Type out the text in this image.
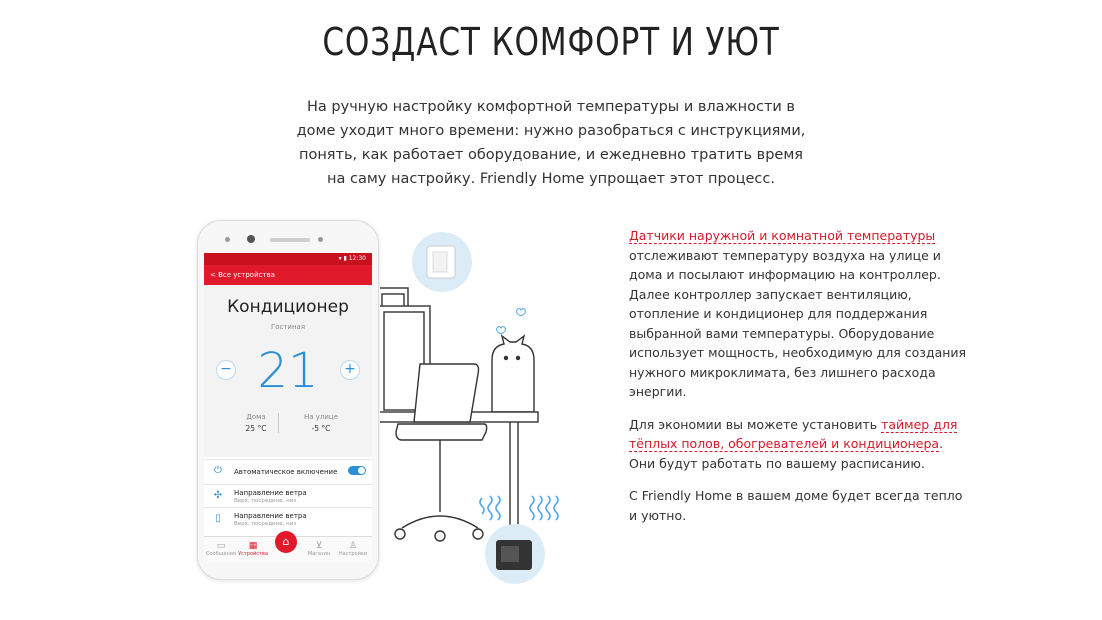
СОЗДАСТ КОМФОРТ И УЮТ

На ручную настройку комфортной температуры и влажности в доме уходит много времени: нужно разобраться с инструкциями, понять, как работает оборудование, и ежедневно тратить время на саму настройку. Friendly Home упрощает этот процесс.

▾ ▮ 12:30
< Все устройства
Кондиционер
Гостиная
− 21	+
Дома
25 °C
На улице
-5 °C
⏻ Автоматическое включение
✣ Направление ветра
Верх, посредине, низ
▯	Направление ветра
Верх, посредине, низ
▭
Сообщения
▦
Устройства
⌂	⊻
Магазин
♙
Настройки

Датчики наружной и комнатной температуры отслеживают температуру воздуха на улице и дома и посылают информацию на контроллер. Далее контроллер запускает вентиляцию, отопление и кондиционер для поддержания выбранной вами температуры. Оборудование использует мощность, необходимую для создания нужного микроклимата, без лишнего расхода энергии.

Для экономии вы можете установить таймер для тёплых полов, обогревателей и кондиционера. Они будут работать по вашему расписанию.

С Friendly Home в вашем доме будет всегда тепло и уютно.
